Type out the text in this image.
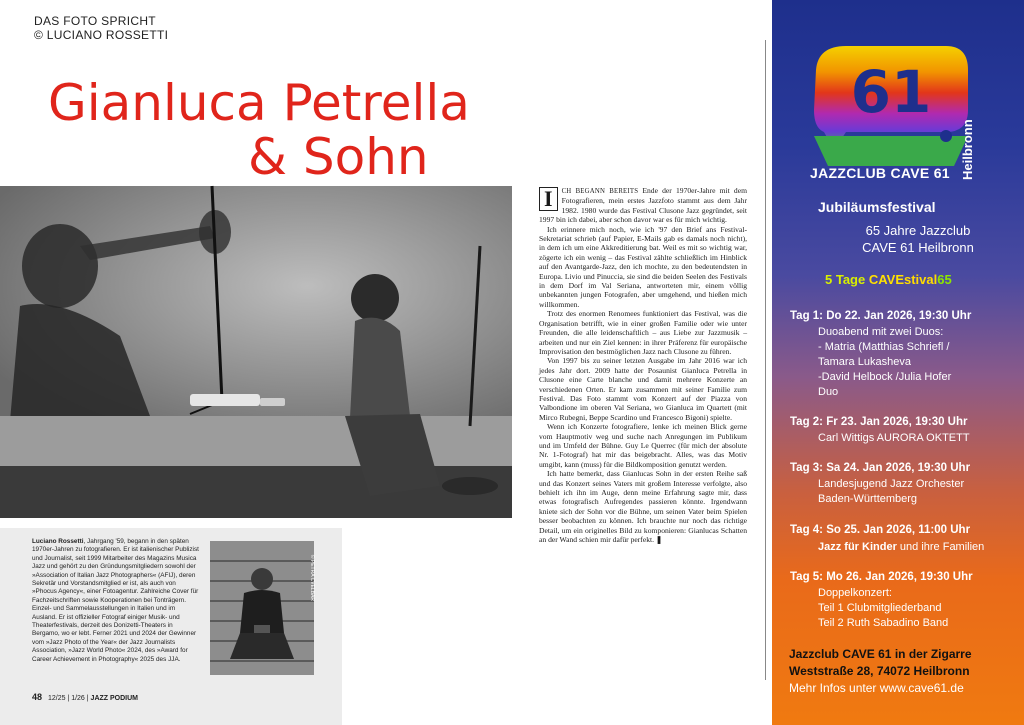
DAS FOTO SPRICHT
© LUCIANO ROSSETTI
Gianluca Petrella
& Sohn
Luciano Rossetti, Jahrgang '59, begann in den späten 1970er-Jahren zu fotografieren. Er ist italienischer Publizist und Journalist, seit 1999 Mitarbeiter des Magazins Musica Jazz und gehört zu den Gründungsmitgliedern sowohl der »Association of Italian Jazz Photographers« (AFIJ), deren Sekretär und Vorstandsmitglied er ist, als auch von »Phocus Agency«, einer Fotoagentur. Zahlreiche Cover für Fachzeitschriften sowie Kooperationen bei Tonträgern. Einzel- und Sammelausstellungen in Italien und im Ausland. Er ist offizieller Fotograf einiger Musik- und Theaterfestivals, derzeit des Donizetti-Theaters in Bergamo, wo er lebt. Ferner 2021 und 2024 der Gewinner vom »Jazz Photo of the Year« der Jazz Journalists Association, »Jazz World Photo« 2024, des »Award for Career Achievement in Photography« 2025 des JJA.
© PETRA CVELBAR
48 12/25 | 1/26 | JAZZ PODIUM

I	CH BEGANN BEREITS Ende der 1970er-Jahre mit dem Fotografieren, mein erstes Jazzfoto stammt aus dem Jahr 1982. 1980 wurde das Festival Clusone Jazz gegründet, seit 1997 bin ich dabei, aber schon davor war es für mich wichtig.

Ich erinnere mich noch, wie ich '97 den Brief ans Festival-Sekretariat schrieb (auf Papier, E-Mails gab es damals noch nicht), in dem ich um eine Akkreditierung bat. Weil es mit so wichtig war, zögerte ich ein wenig – das Festival zählte schließlich im Hinblick auf den Avantgarde-Jazz, den ich mochte, zu den bedeutendsten in Europa. Livio und Pinuccia, sie sind die beiden Seelen des Festivals in dem Dorf im Val Seriana, antworteten mir, einem völlig unbekannten jungen Fotografen, aber umgehend, und hießen mich willkommen.

Trotz des enormen Renomees funktioniert das Festival, was die Organisation betrifft, wie in einer großen Familie oder wie unter Freunden, die alle leidenschaftlich – aus Liebe zur Jazzmusik – arbeiten und nur ein Ziel kennen: in ihrer Präferenz für europäische Improvisation den bestmöglichen Jazz nach Clusone zu führen.

Von 1997 bis zu seiner letzten Ausgabe im Jahr 2016 war ich jedes Jahr dort. 2009 hatte der Posaunist Gianluca Petrella in Clusone eine Carte blanche und damit mehrere Konzerte an verschiedenen Orten. Er kam zusammen mit seiner Familie zum Festival. Das Foto stammt vom Konzert auf der Piazza von Valbondione im oberen Val Seriana, wo Gianluca im Quartett (mit Mirco Rubegni, Beppe Scardino und Francesco Bigoni) spielte.

Wenn ich Konzerte fotografiere, lenke ich meinen Blick gerne vom Hauptmotiv weg und suche nach Anregungen im Publikum und im Umfeld der Bühne. Guy Le Querrec (für mich der absolute Nr. 1-Fotograf) hat mir das beigebracht. Alles, was das Motiv umgibt, kann (muss) für die Bildkomposition genutzt werden.

Ich hatte bemerkt, dass Gianlucas Sohn in der ersten Reihe saß und das Konzert seines Vaters mit großem Interesse verfolgte, also behielt ich ihn im Auge, denn meine Erfahrung sagte mir, dass etwas fotografisch Aufregendes passieren könnte. Irgendwann kniete sich der Sohn vor die Bühne, um seinen Vater beim Spielen besser beobachten zu können. Ich brauchte nur noch das richtige Detail, um ein originelles Bild zu komponieren: Gianlucas Schatten an der Wand schien mir dafür perfekt. ❚

61
Heilbronn
JAZZCLUB CAVE 61
Jubiläumsfestival
65 Jahre Jazzclub
CAVE 61 Heilbronn
5 Tage CAVEstival65
Tag 1: Do 22. Jan 2026, 19:30 Uhr
Duoabend mit zwei Duos:
- Matria (Matthias Schriefl /
Tamara Lukasheva
-David Helbock /Julia Hofer
Duo
Tag 2: Fr 23. Jan 2026, 19:30 Uhr
Carl Wittigs AURORA OKTETT
Tag 3: Sa 24. Jan 2026, 19:30 Uhr
Landesjugend Jazz Orchester
Baden-Württemberg
Tag 4: So 25. Jan 2026, 11:00 Uhr
Jazz für Kinder und ihre Familien
Tag 5: Mo 26. Jan 2026, 19:30 Uhr
Doppelkonzert:
Teil 1 Clubmitgliederband
Teil 2 Ruth Sabadino Band
Jazzclub CAVE 61 in der Zigarre
Weststraße 28, 74072 Heilbronn
Mehr Infos unter www.cave61.de
